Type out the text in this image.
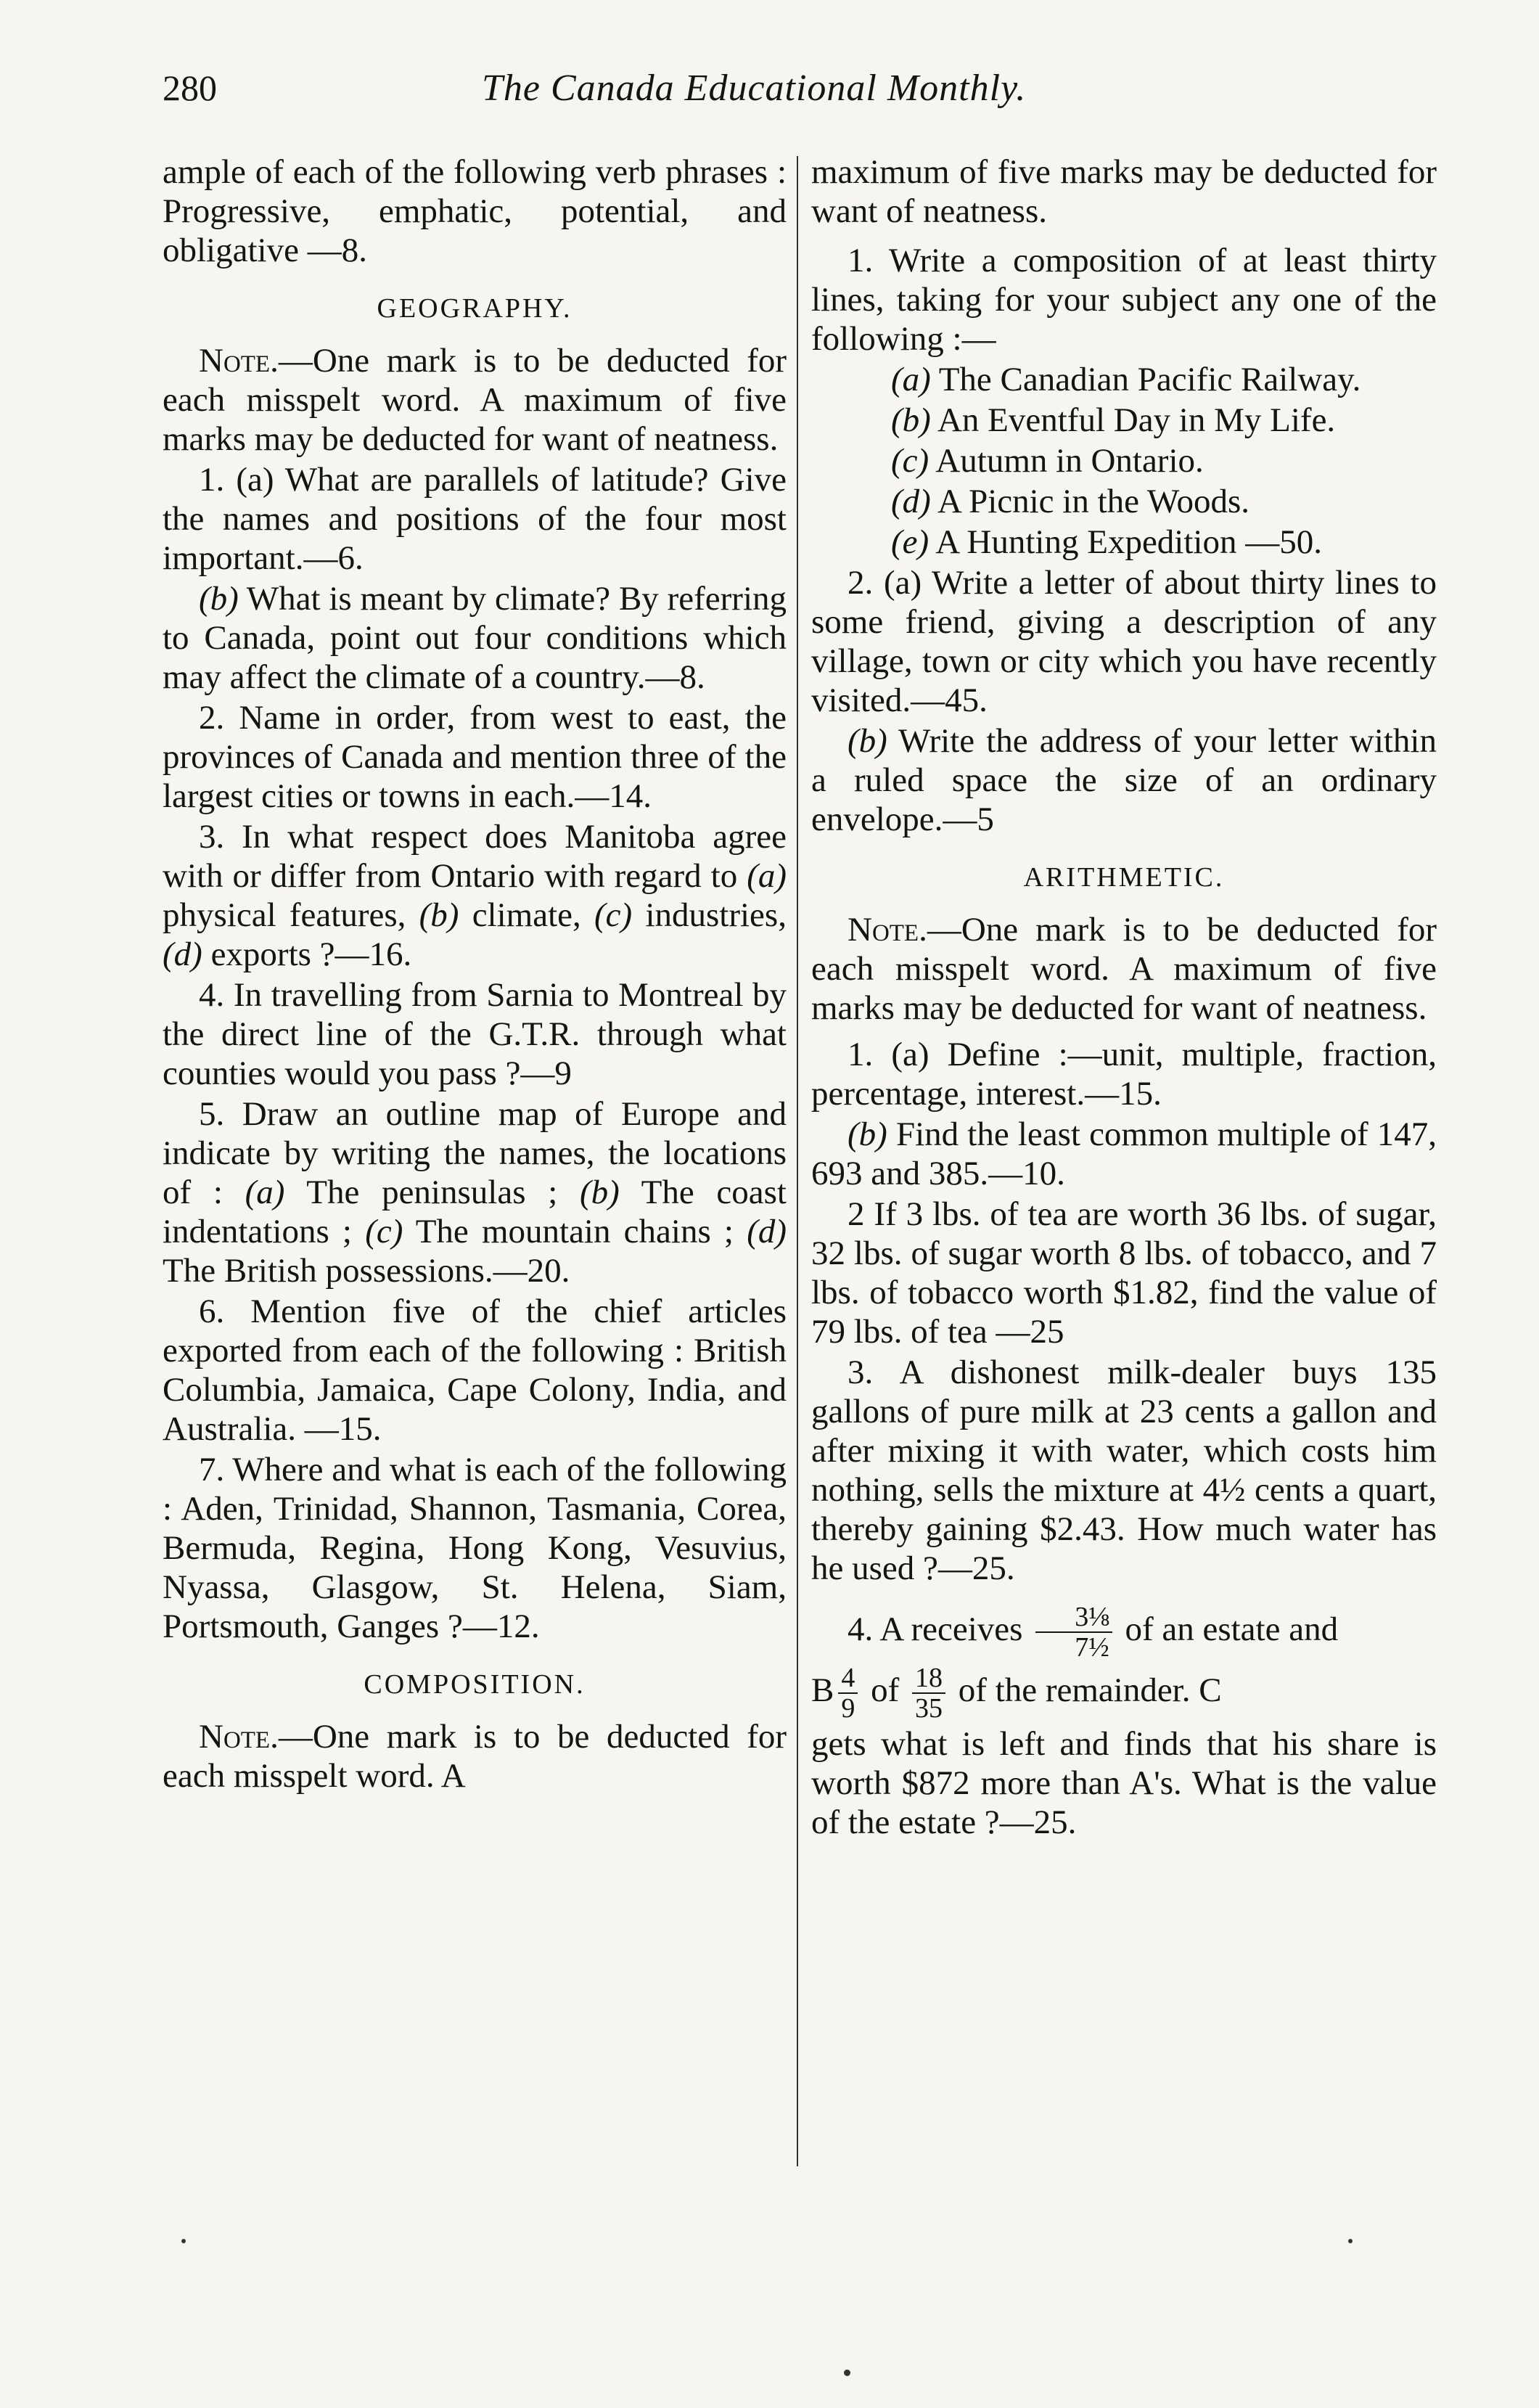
280	The Canada Educational Monthly.

ample of each of the following verb phrases : Progressive, emphatic, potential, and obligative —8.

GEOGRAPHY.

Note.—One mark is to be deducted for each misspelt word. A maximum of five marks may be deducted for want of neatness.

1. (a) What are parallels of latitude? Give the names and positions of the four most important.—6.

(b) What is meant by climate? By referring to Canada, point out four conditions which may affect the climate of a country.—8.

2. Name in order, from west to east, the provinces of Canada and mention three of the largest cities or towns in each.—14.

3. In what respect does Manitoba agree with or differ from Ontario with regard to (a) physical features, (b) climate, (c) industries, (d) exports ?—16.

4. In travelling from Sarnia to Montreal by the direct line of the G.T.R. through what counties would you pass ?—9

5. Draw an outline map of Europe and indicate by writing the names, the locations of : (a) The peninsulas ; (b) The coast indentations ; (c) The mountain chains ; (d) The British possessions.—20.

6. Mention five of the chief articles exported from each of the following : British Columbia, Jamaica, Cape Colony, India, and Australia. —15.

7. Where and what is each of the following : Aden, Trinidad, Shannon, Tasmania, Corea, Bermuda, Regina, Hong Kong, Vesuvius, Nyassa, Glasgow, St. Helena, Siam, Portsmouth, Ganges ?—12.

COMPOSITION.

Note.—One mark is to be deducted for each misspelt word. A

maximum of five marks may be deducted for want of neatness.

1. Write a composition of at least thirty lines, taking for your subject any one of the following :—

(a) The Canadian Pacific Railway.

(b) An Eventful Day in My Life.

(c) Autumn in Ontario.

(d) A Picnic in the Woods.

(e) A Hunting Expedition —50.

2. (a) Write a letter of about thirty lines to some friend, giving a description of any village, town or city which you have recently visited.—45.

(b) Write the address of your letter within a ruled space the size of an ordinary envelope.—5

ARITHMETIC.

Note.—One mark is to be deducted for each misspelt word. A maximum of five marks may be deducted for want of neatness.

1. (a) Define :—unit, multiple, fraction, percentage, interest.—15.

(b) Find the least common multiple of 147, 693 and 385.—10.

2 If 3 lbs. of tea are worth 36 lbs. of sugar, 32 lbs. of sugar worth 8 lbs. of tobacco, and 7 lbs. of tobacco worth $1.82, find the value of 79 lbs. of tea —25

3. A dishonest milk-dealer buys 135 gallons of pure milk at 23 cents a gallon and after mixing it with water, which costs him nothing, sells the mixture at 4½ cents a quart, thereby gaining $2.43. How much water has he used ?—25.

4. A receives $\frac{\text{3⅛}}{\text{7½}}$ of an estate and

B $\frac{4}{9}$ of $\frac{18}{35}$ of the remainder. C

gets what is left and finds that his share is worth $872 more than A's. What is the value of the estate ?—25.
